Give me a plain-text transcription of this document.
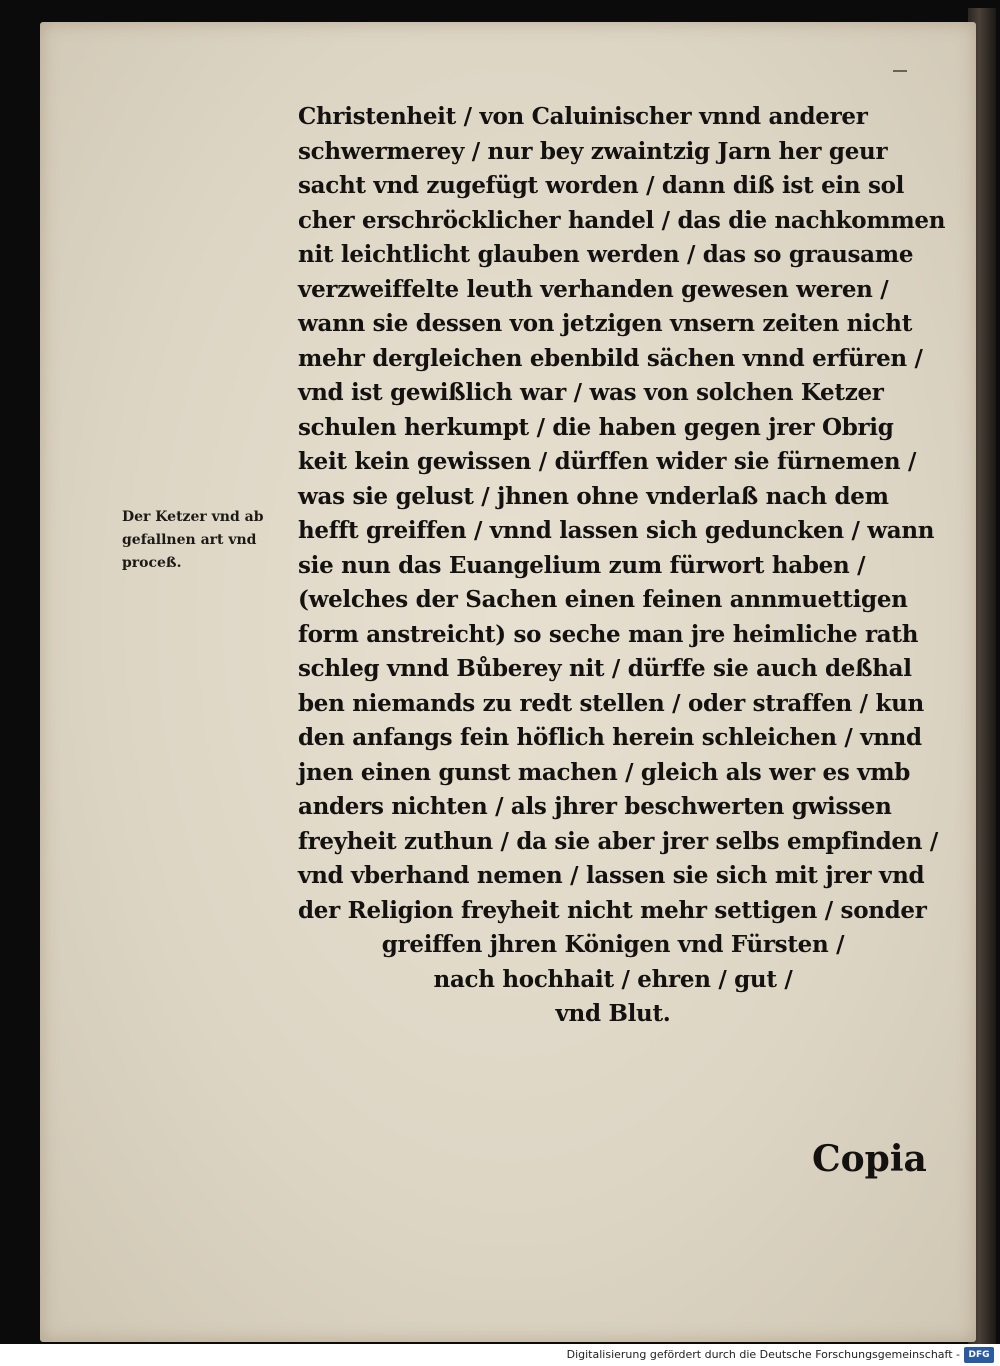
Der Ketzer vnd ab
gefallnen art vnd
proceß.
Christenheit / von Caluinischer vnnd anderer
schwermerey / nur bey zwaintzig Jarn her geur
sacht vnd zugefügt worden / dann diß ist ein sol
cher erschröcklicher handel / das die nachkommen
nit leichtlicht glauben werden / das so grausame
verzweiffelte leuth verhanden gewesen weren /
wann sie dessen von jetzigen vnsern zeiten nicht
mehr dergleichen ebenbild sächen vnnd erfüren /
vnd ist gewißlich war / was von solchen Ketzer
schulen herkumpt / die haben gegen jrer Obrig
keit kein gewissen / dürffen wider sie fürnemen /
was sie gelust / jhnen ohne vnderlaß nach dem
hefft greiffen / vnnd lassen sich geduncken / wann
sie nun das Euangelium zum fürwort haben /
(welches der Sachen einen feinen annmuettigen
form anstreicht) so seche man jre heimliche rath
schleg vnnd Bůberey nit / dürffe sie auch deßhal
ben niemands zu redt stellen / oder straffen / kun
den anfangs fein höflich herein schleichen / vnnd
jnen einen gunst machen / gleich als wer es vmb
anders nichten / als jhrer beschwerten gwissen
freyheit zuthun / da sie aber jrer selbs empfinden /
vnd vberhand nemen / lassen sie sich mit jrer vnd
der Religion freyheit nicht mehr settigen / sonder
greiffen jhren Königen vnd Fürsten /
nach hochhait / ehren / gut /
vnd Blut.
Copia
Digitalisierung gefördert durch die Deutsche Forschungsgemeinschaft - DFG
